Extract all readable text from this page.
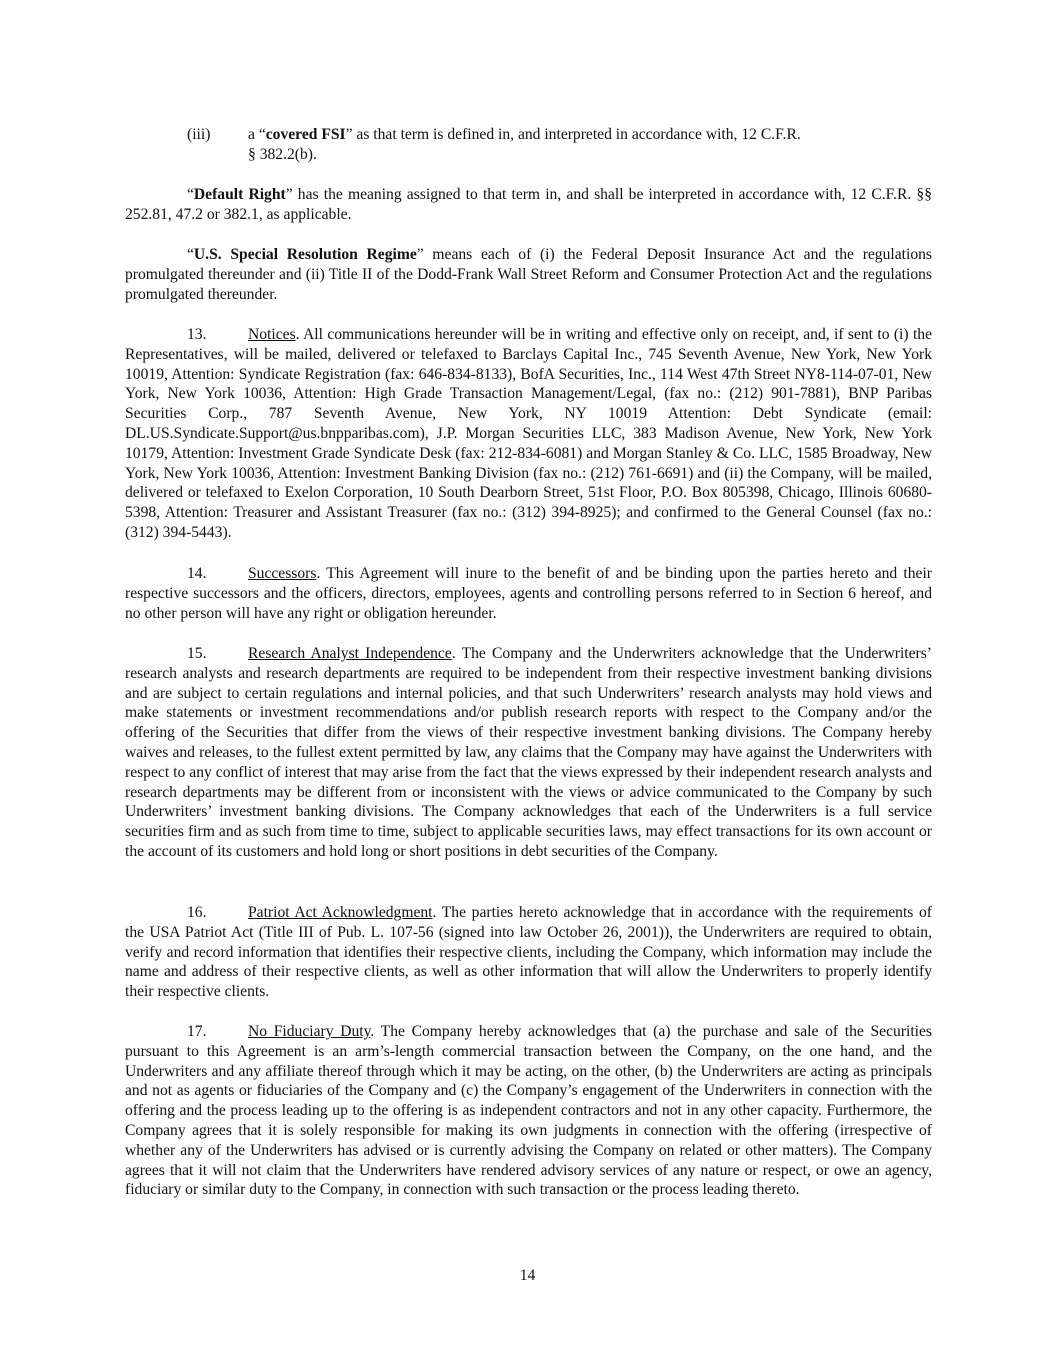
(iii) a “covered FSI” as that term is defined in, and interpreted in accordance with, 12 C.F.R.
§ 382.2(b).

“Default Right” has the meaning assigned to that term in, and shall be interpreted in accordance with, 12 C.F.R. §§ 252.81, 47.2 or 382.1, as applicable.

“U.S. Special Resolution Regime” means each of (i) the Federal Deposit Insurance Act and the regulations promulgated thereunder and (ii) Title II of the Dodd-Frank Wall Street Reform and Consumer Protection Act and the regulations promulgated thereunder.

13.	Notices. All communications hereunder will be in writing and effective only on receipt, and, if sent to (i) the Representatives, will be mailed, delivered or telefaxed to Barclays Capital Inc., 745 Seventh Avenue, New York, New York 10019, Attention: Syndicate Registration (fax: 646-834-8133), BofA Securities, Inc., 114 West 47th Street NY8-114-07-01, New York, New York 10036, Attention: High Grade Transaction Management/Legal, (fax no.: (212) 901-7881), BNP Paribas Securities Corp., 787 Seventh Avenue, New York, NY 10019 Attention: Debt Syndicate (email: DL.US.Syndicate.Support@us.bnpparibas.com), J.P. Morgan Securities LLC, 383 Madison Avenue, New York, New York 10179, Attention: Investment Grade Syndicate Desk (fax: 212-834-6081) and Morgan Stanley & Co. LLC, 1585 Broadway, New York, New York 10036, Attention: Investment Banking Division (fax no.: (212) 761-6691) and (ii) the Company, will be mailed, delivered or telefaxed to Exelon Corporation, 10 South Dearborn Street, 51st Floor, P.O. Box 805398, Chicago, Illinois 60680-5398, Attention: Treasurer and Assistant Treasurer (fax no.: (312) 394-8925); and confirmed to the General Counsel (fax no.: (312) 394-5443).

14.	Successors. This Agreement will inure to the benefit of and be binding upon the parties hereto and their respective successors and the officers, directors, employees, agents and controlling persons referred to in Section 6 hereof, and no other person will have any right or obligation hereunder.

15.	Research Analyst Independence. The Company and the Underwriters acknowledge that the Underwriters’ research analysts and research departments are required to be independent from their respective investment banking divisions and are subject to certain regulations and internal policies, and that such Underwriters’ research analysts may hold views and make statements or investment recommendations and/or publish research reports with respect to the Company and/or the offering of the Securities that differ from the views of their respective investment banking divisions. The Company hereby waives and releases, to the fullest extent permitted by law, any claims that the Company may have against the Underwriters with respect to any conflict of interest that may arise from the fact that the views expressed by their independent research analysts and research departments may be different from or inconsistent with the views or advice communicated to the Company by such Underwriters’ investment banking divisions. The Company acknowledges that each of the Underwriters is a full service securities firm and as such from time to time, subject to applicable securities laws, may effect transactions for its own account or the account of its customers and hold long or short positions in debt securities of the Company.

16.	Patriot Act Acknowledgment. The parties hereto acknowledge that in accordance with the requirements of the USA Patriot Act (Title III of Pub. L. 107-56 (signed into law October 26, 2001)), the Underwriters are required to obtain, verify and record information that identifies their respective clients, including the Company, which information may include the name and address of their respective clients, as well as other information that will allow the Underwriters to properly identify their respective clients.

17.	No Fiduciary Duty. The Company hereby acknowledges that (a) the purchase and sale of the Securities pursuant to this Agreement is an arm’s-length commercial transaction between the Company, on the one hand, and the Underwriters and any affiliate thereof through which it may be acting, on the other, (b) the Underwriters are acting as principals and not as agents or fiduciaries of the Company and (c) the Company’s engagement of the Underwriters in connection with the offering and the process leading up to the offering is as independent contractors and not in any other capacity. Furthermore, the Company agrees that it is solely responsible for making its own judgments in connection with the offering (irrespective of whether any of the Underwriters has advised or is currently advising the Company on related or other matters). The Company agrees that it will not claim that the Underwriters have rendered advisory services of any nature or respect, or owe an agency, fiduciary or similar duty to the Company, in connection with such transaction or the process leading thereto.

14
